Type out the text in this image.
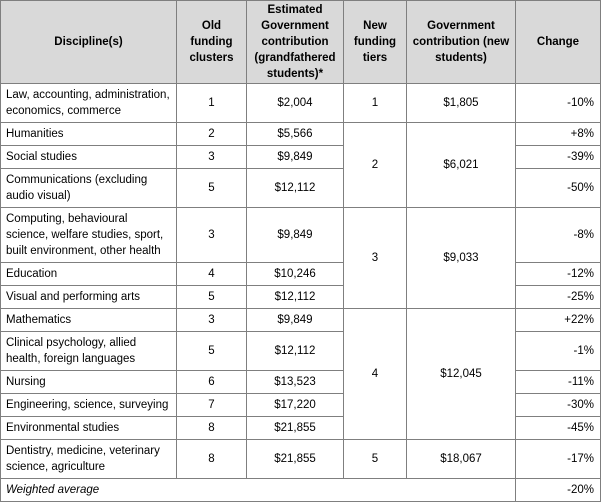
Discipline(s)	Old funding clusters	Estimated Government contribution (grandfathered students)*	New funding tiers	Government contribution (new students)	Change
Law, accounting, administration, economics, commerce	1	$2,004	1	$1,805	-10%
Humanities	2	$5,566	2	$6,021	+8%
Social studies	3	$9,849			-39%
Communications (excluding audio visual)	5	$12,112			-50%
Computing, behavioural science, welfare studies, sport, built environment, other health	3	$9,849	3	$9,033	-8%
Education	4	$10,246			-12%
Visual and performing arts	5	$12,112			-25%
Mathematics	3	$9,849	4	$12,045	+22%
Clinical psychology, allied health, foreign languages	5	$12,112			-1%
Nursing	6	$13,523			-11%
Engineering, science, surveying	7	$17,220			-30%
Environmental studies	8	$21,855			-45%
Dentistry, medicine, veterinary science, agriculture	8	$21,855	5	$18,067	-17%
Weighted average					-20%
